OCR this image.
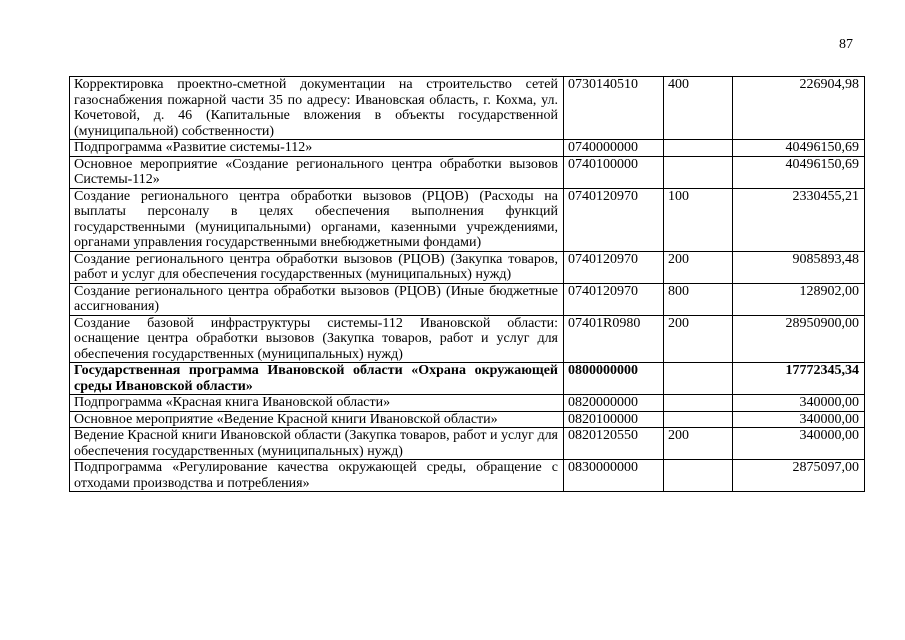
87
Корректировка проектно-сметной документации на строительство сетей газоснабжения пожарной части 35 по адресу: Ивановская область, г. Кохма, ул. Кочетовой, д. 46 (Капитальные вложения в объекты государственной (муниципальной) собственности)	0730140510	400	226904,98
Подпрограмма «Развитие системы-112»	0740000000		40496150,69
Основное мероприятие «Создание регионального центра обработки вызовов Системы-112»	0740100000		40496150,69
Создание регионального центра обработки вызовов (РЦОВ) (Расходы на выплаты персоналу в целях обеспечения выполнения функций государственными (муниципальными) органами, казенными учреждениями, органами управления государственными внебюджетными фондами)	0740120970	100	2330455,21
Создание регионального центра обработки вызовов (РЦОВ) (Закупка товаров, работ и услуг для обеспечения государственных (муниципальных) нужд)	0740120970	200	9085893,48
Создание регионального центра обработки вызовов (РЦОВ) (Иные бюджетные ассигнования)	0740120970	800	128902,00
Создание базовой инфраструктуры системы-112 Ивановской области: оснащение центра обработки вызовов (Закупка товаров, работ и услуг для обеспечения государственных (муниципальных) нужд)	07401R0980	200	28950900,00
Государственная программа Ивановской области «Охрана окружающей среды Ивановской области»	0800000000		17772345,34
Подпрограмма «Красная книга Ивановской области»	0820000000		340000,00
Основное мероприятие «Ведение Красной книги Ивановской области»	0820100000		340000,00
Ведение Красной книги Ивановской области (Закупка товаров, работ и услуг для обеспечения государственных (муниципальных) нужд)	0820120550	200	340000,00
Подпрограмма «Регулирование качества окружающей среды, обращение с отходами производства и потребления»	0830000000		2875097,00
